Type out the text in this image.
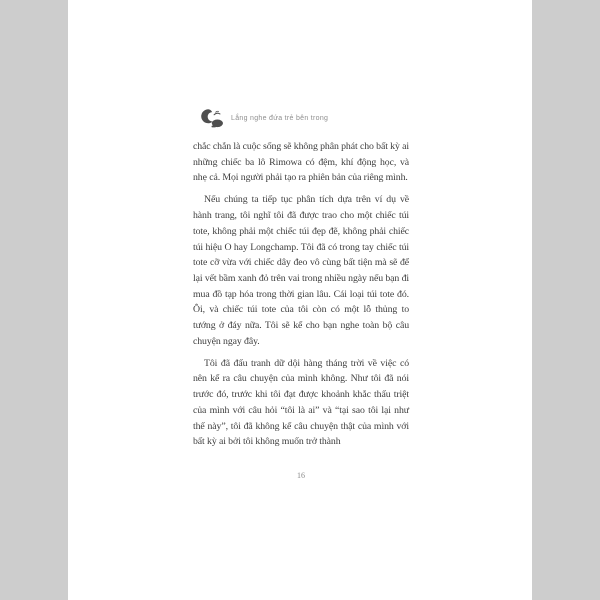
Lắng nghe đứa trẻ bên trong

chắc chắn là cuộc sống sẽ không phân phát cho bất kỳ ai những chiếc ba lô Rimowa có đệm, khí động học, và nhẹ cả. Mọi người phải tạo ra phiên bản của riêng mình.

Nếu chúng ta tiếp tục phân tích dựa trên ví dụ về hành trang, tôi nghĩ tôi đã được trao cho một chiếc túi tote, không phải một chiếc túi đẹp đẽ, không phải chiếc túi hiệu O hay Longchamp. Tôi đã có trong tay chiếc túi tote cỡ vừa với chiếc dây đeo vô cùng bất tiện mà sẽ để lại vết bầm xanh đỏ trên vai trong nhiều ngày nếu bạn đi mua đồ tạp hóa trong thời gian lâu. Cái loại túi tote đó. Ôi, và chiếc túi tote của tôi còn có một lỗ thủng to tướng ở đáy nữa. Tôi sẽ kể cho bạn nghe toàn bộ câu chuyện ngay đây.

Tôi đã đấu tranh dữ dội hàng tháng trời về việc có nên kể ra câu chuyện của mình không. Như tôi đã nói trước đó, trước khi tôi đạt được khoảnh khắc thấu triệt của mình với câu hỏi “tôi là ai” và “tại sao tôi lại như thế này”, tôi đã không kể câu chuyện thật của mình với bất kỳ ai bởi tôi không muốn trở thành

16
